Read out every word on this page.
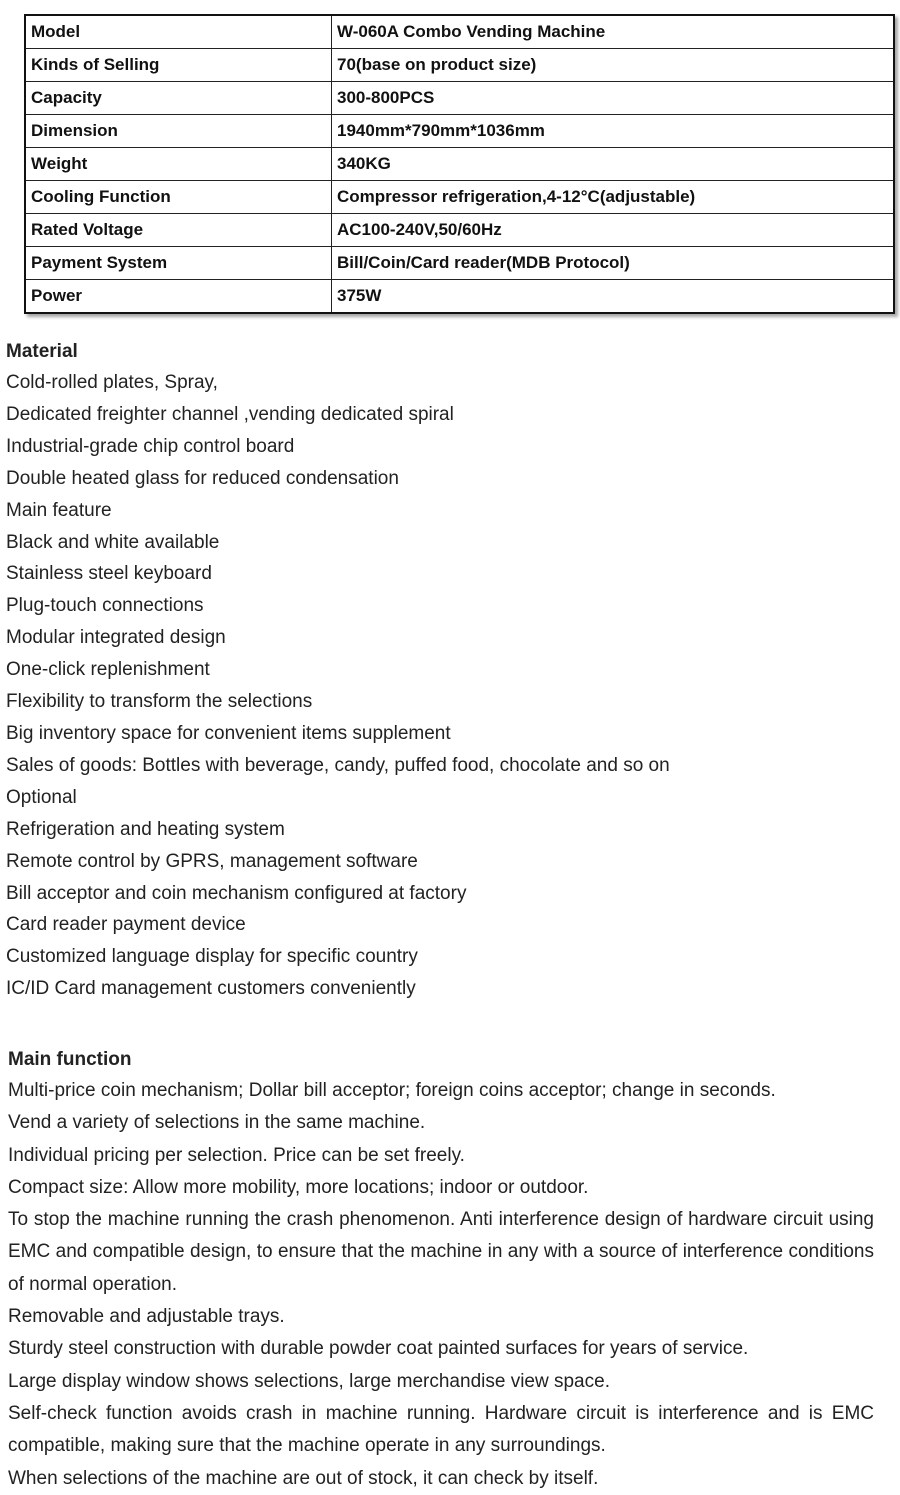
Model	W-060A Combo Vending Machine
Kinds of Selling	70(base on product size)
Capacity	300-800PCS
Dimension	1940mm*790mm*1036mm
Weight	340KG
Cooling Function	Compressor refrigeration,4-12°C(adjustable)
Rated Voltage	AC100-240V,50/60Hz
Payment System	Bill/Coin/Card reader(MDB Protocol)
Power	375W
Material
Cold-rolled plates, Spray,
Dedicated freighter channel ,vending dedicated spiral
Industrial-grade chip control board
Double heated glass for reduced condensation
Main feature
Black and white available
Stainless steel keyboard
Plug-touch connections
Modular integrated design
One-click replenishment
Flexibility to transform the selections
Big inventory space for convenient items supplement
Sales of goods: Bottles with beverage, candy, puffed food, chocolate and so on
Optional
Refrigeration and heating system
Remote control by GPRS, management software
Bill acceptor and coin mechanism configured at factory
Card reader payment device
Customized language display for specific country
IC/ID Card management customers conveniently
Main function
Multi-price coin mechanism; Dollar bill acceptor; foreign coins acceptor; change in seconds.
Vend a variety of selections in the same machine.
Individual pricing per selection. Price can be set freely.
Compact size: Allow more mobility, more locations; indoor or outdoor.
To stop the machine running the crash phenomenon. Anti interference design of hardware circuit using EMC and compatible design, to ensure that the machine in any with a source of interference conditions of normal operation.
Removable and adjustable trays.
Sturdy steel construction with durable powder coat painted surfaces for years of service.
Large display window shows selections, large merchandise view space.
Self-check function avoids crash in machine running. Hardware circuit is interference and is EMC compatible, making sure that the machine operate in any surroundings.
When selections of the machine are out of stock, it can check by itself.
